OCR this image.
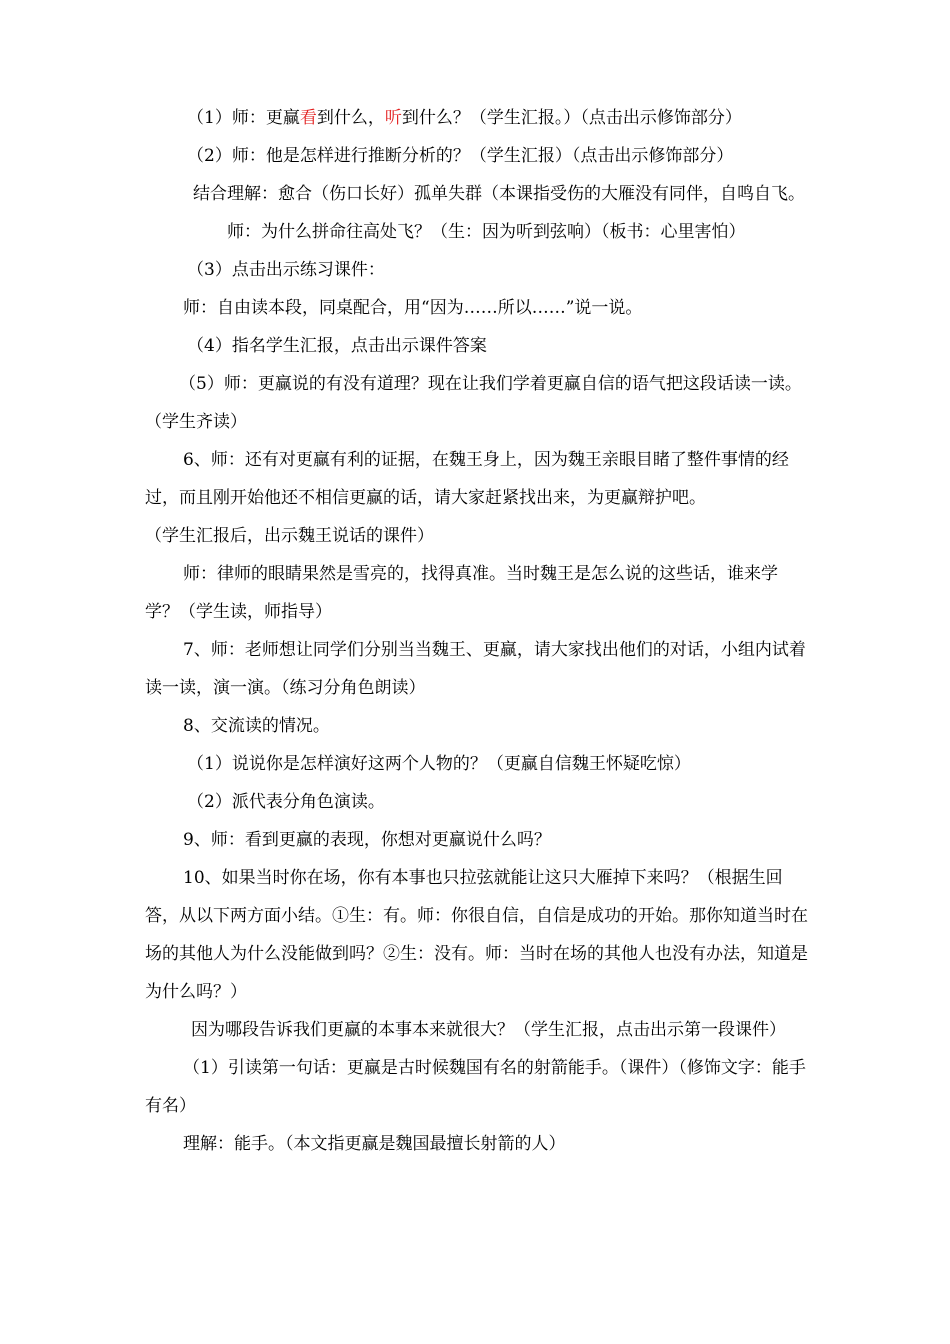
（1）师：更赢看到什么，听到什么？（学生汇报。）（点击出示修饰部分）

（2）师：他是怎样进行推断分析的？（学生汇报）（点击出示修饰部分）

结合理解：愈合（伤口长好）孤单失群（本课指受伤的大雁没有同伴，自鸣自飞。

师：为什么拼命往高处飞？（生：因为听到弦响）（板书：心里害怕）

（3）点击出示练习课件：

师：自由读本段，同桌配合，用“因为……所以……”说一说。

（4）指名学生汇报，点击出示课件答案

（5）师：更赢说的有没有道理？现在让我们学着更赢自信的语气把这段话读一读。（学生齐读）

6、师：还有对更赢有利的证据，在魏王身上，因为魏王亲眼目睹了整件事情的经过，而且刚开始他还不相信更赢的话，请大家赶紧找出来，为更赢辩护吧。

（学生汇报后，出示魏王说话的课件）

师：律师的眼睛果然是雪亮的，找得真准。当时魏王是怎么说的这些话，谁来学学？（学生读，师指导）

7、师：老师想让同学们分别当当魏王、更赢，请大家找出他们的对话，小组内试着读一读，演一演。（练习分角色朗读）

8、交流读的情况。

（1）说说你是怎样演好这两个人物的？（更赢自信魏王怀疑吃惊）

（2）派代表分角色演读。

9、师：看到更赢的表现，你想对更赢说什么吗？

10、如果当时你在场，你有本事也只拉弦就能让这只大雁掉下来吗？（根据生回答，从以下两方面小结。①生：有。师：你很自信，自信是成功的开始。那你知道当时在场的其他人为什么没能做到吗？②生：没有。师：当时在场的其他人也没有办法，知道是为什么吗？）

因为哪段告诉我们更赢的本事本来就很大？（学生汇报，点击出示第一段课件）

（1）引读第一句话：更赢是古时候魏国有名的射箭能手。（课件）（修饰文字：能手 有名）

理解：能手。（本文指更赢是魏国最擅长射箭的人）
